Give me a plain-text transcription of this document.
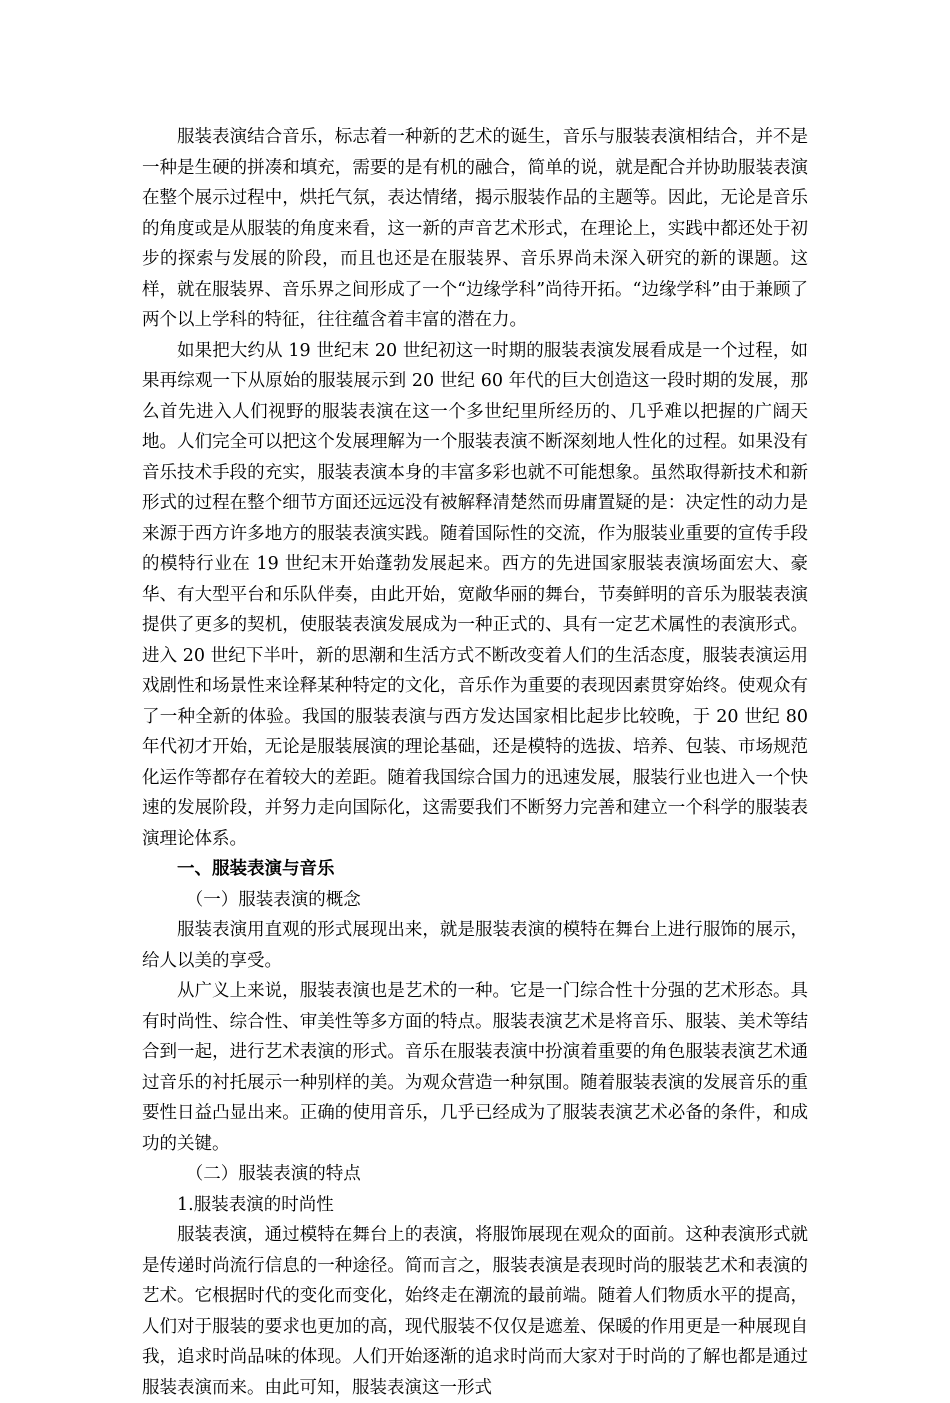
服装表演结合音乐，标志着一种新的艺术的诞生，音乐与服装表演相结合，并不是一种是生硬的拼凑和填充，需要的是有机的融合，简单的说，就是配合并协助服装表演在整个展示过程中，烘托气氛，表达情绪，揭示服装作品的主题等。因此，无论是音乐的角度或是从服装的角度来看，这一新的声音艺术形式，在理论上，实践中都还处于初步的探索与发展的阶段，而且也还是在服装界、音乐界尚未深入研究的新的课题。这样，就在服装界、音乐界之间形成了一个“边缘学科”尚待开拓。“边缘学科”由于兼顾了两个以上学科的特征，往往蕴含着丰富的潜在力。

如果把大约从 19 世纪末 20 世纪初这一时期的服装表演发展看成是一个过程，如果再综观一下从原始的服装展示到 20 世纪 60 年代的巨大创造这一段时期的发展，那么首先进入人们视野的服装表演在这一个多世纪里所经历的、几乎难以把握的广阔天地。人们完全可以把这个发展理解为一个服装表演不断深刻地人性化的过程。如果没有音乐技术手段的充实，服装表演本身的丰富多彩也就不可能想象。虽然取得新技术和新形式的过程在整个细节方面还远远没有被解释清楚然而毋庸置疑的是：决定性的动力是来源于西方许多地方的服装表演实践。随着国际性的交流，作为服装业重要的宣传手段的模特行业在 19 世纪末开始蓬勃发展起来。西方的先进国家服装表演场面宏大、豪华、有大型平台和乐队伴奏，由此开始，宽敞华丽的舞台，节奏鲜明的音乐为服装表演提供了更多的契机，使服装表演发展成为一种正式的、具有一定艺术属性的表演形式。进入 20 世纪下半叶，新的思潮和生活方式不断改变着人们的生活态度，服装表演运用戏剧性和场景性来诠释某种特定的文化，音乐作为重要的表现因素贯穿始终。使观众有了一种全新的体验。我国的服装表演与西方发达国家相比起步比较晚，于 20 世纪 80 年代初才开始，无论是服装展演的理论基础，还是模特的选拔、培养、包装、市场规范化运作等都存在着较大的差距。随着我国综合国力的迅速发展，服装行业也进入一个快速的发展阶段，并努力走向国际化，这需要我们不断努力完善和建立一个科学的服装表演理论体系。

一、服装表演与音乐

（一）服装表演的概念

服装表演用直观的形式展现出来，就是服装表演的模特在舞台上进行服饰的展示，给人以美的享受。

从广义上来说，服装表演也是艺术的一种。它是一门综合性十分强的艺术形态。具有时尚性、综合性、审美性等多方面的特点。服装表演艺术是将音乐、服装、美术等结合到一起，进行艺术表演的形式。音乐在服装表演中扮演着重要的角色服装表演艺术通过音乐的衬托展示一种别样的美。为观众营造一种氛围。随着服装表演的发展音乐的重要性日益凸显出来。正确的使用音乐，几乎已经成为了服装表演艺术必备的条件，和成功的关键。

（二）服装表演的特点

1.服装表演的时尚性

服装表演，通过模特在舞台上的表演，将服饰展现在观众的面前。这种表演形式就是传递时尚流行信息的一种途径。简而言之，服装表演是表现时尚的服装艺术和表演的艺术。它根据时代的变化而变化，始终走在潮流的最前端。随着人们物质水平的提高，人们对于服装的要求也更加的高，现代服装不仅仅是遮羞、保暖的作用更是一种展现自我，追求时尚品味的体现。人们开始逐渐的追求时尚而大家对于时尚的了解也都是通过服装表演而来。由此可知，服装表演这一形式
